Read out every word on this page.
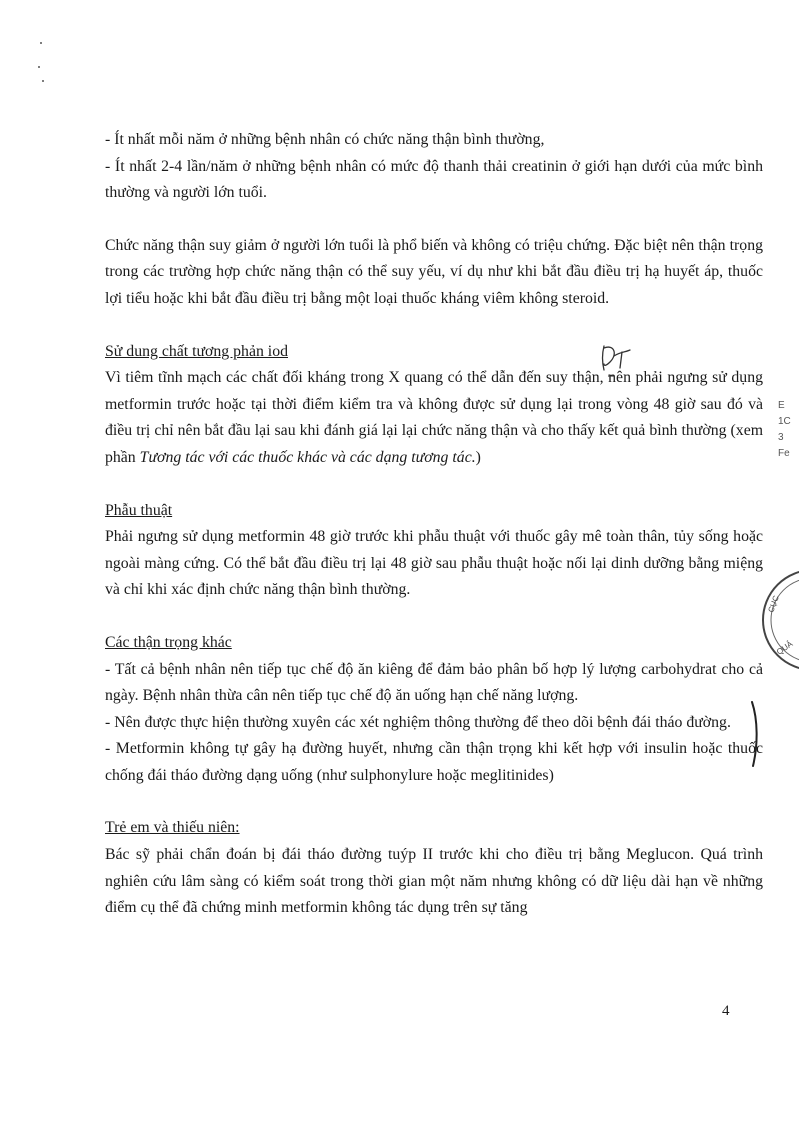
- Ít nhất mỗi năm ở những bệnh nhân có chức năng thận bình thường,

- Ít nhất 2-4 lần/năm ở những bệnh nhân có mức độ thanh thải creatinin ở giới hạn dưới của mức bình thường và người lớn tuổi.

Chức năng thận suy giảm ở người lớn tuổi là phổ biến và không có triệu chứng. Đặc biệt nên thận trọng trong các trường hợp chức năng thận có thể suy yếu, ví dụ như khi bắt đầu điều trị hạ huyết áp, thuốc lợi tiểu hoặc khi bắt đầu điều trị bằng một loại thuốc kháng viêm không steroid.

Sử dung chất tương phản iod

Vì tiêm tĩnh mạch các chất đối kháng trong X quang có thể dẫn đến suy thận, nên phải ngưng sử dụng metformin trước hoặc tại thời điểm kiểm tra và không được sử dụng lại trong vòng 48 giờ sau đó và điều trị chỉ nên bắt đầu lại sau khi đánh giá lại lại chức năng thận và cho thấy kết quả bình thường (xem phần Tương tác với các thuốc khác và các dạng tương tác.)

Phẫu thuật

Phải ngưng sử dụng metformin 48 giờ trước khi phẫu thuật với thuốc gây mê toàn thân, tủy sống hoặc ngoài màng cứng. Có thể bắt đầu điều trị lại 48 giờ sau phẫu thuật hoặc nối lại dinh dưỡng bằng miệng và chỉ khi xác định chức năng thận bình thường.

Các thận trọng khác

- Tất cả bệnh nhân nên tiếp tục chế độ ăn kiêng để đảm bảo phân bố hợp lý lượng carbohydrat cho cả ngày. Bệnh nhân thừa cân nên tiếp tục chế độ ăn uống hạn chế năng lượng.

- Nên được thực hiện thường xuyên các xét nghiệm thông thường để theo dõi bệnh đái tháo đường.

- Metformin không tự gây hạ đường huyết, nhưng cần thận trọng khi kết hợp với insulin hoặc thuốc chống đái tháo đường dạng uống (như sulphonylure hoặc meglitinides)

Trẻ em và thiếu niên:

Bác sỹ phải chẩn đoán bị đái tháo đường tuýp II trước khi cho điều trị bằng Meglucon. Quá trình nghiên cứu lâm sàng có kiểm soát trong thời gian một năm nhưng không có dữ liệu dài hạn về những điểm cụ thể đã chứng minh metformin không tác dụng trên sự tăng

4
E
1C
3
Fe
CỤC
QUẢ
